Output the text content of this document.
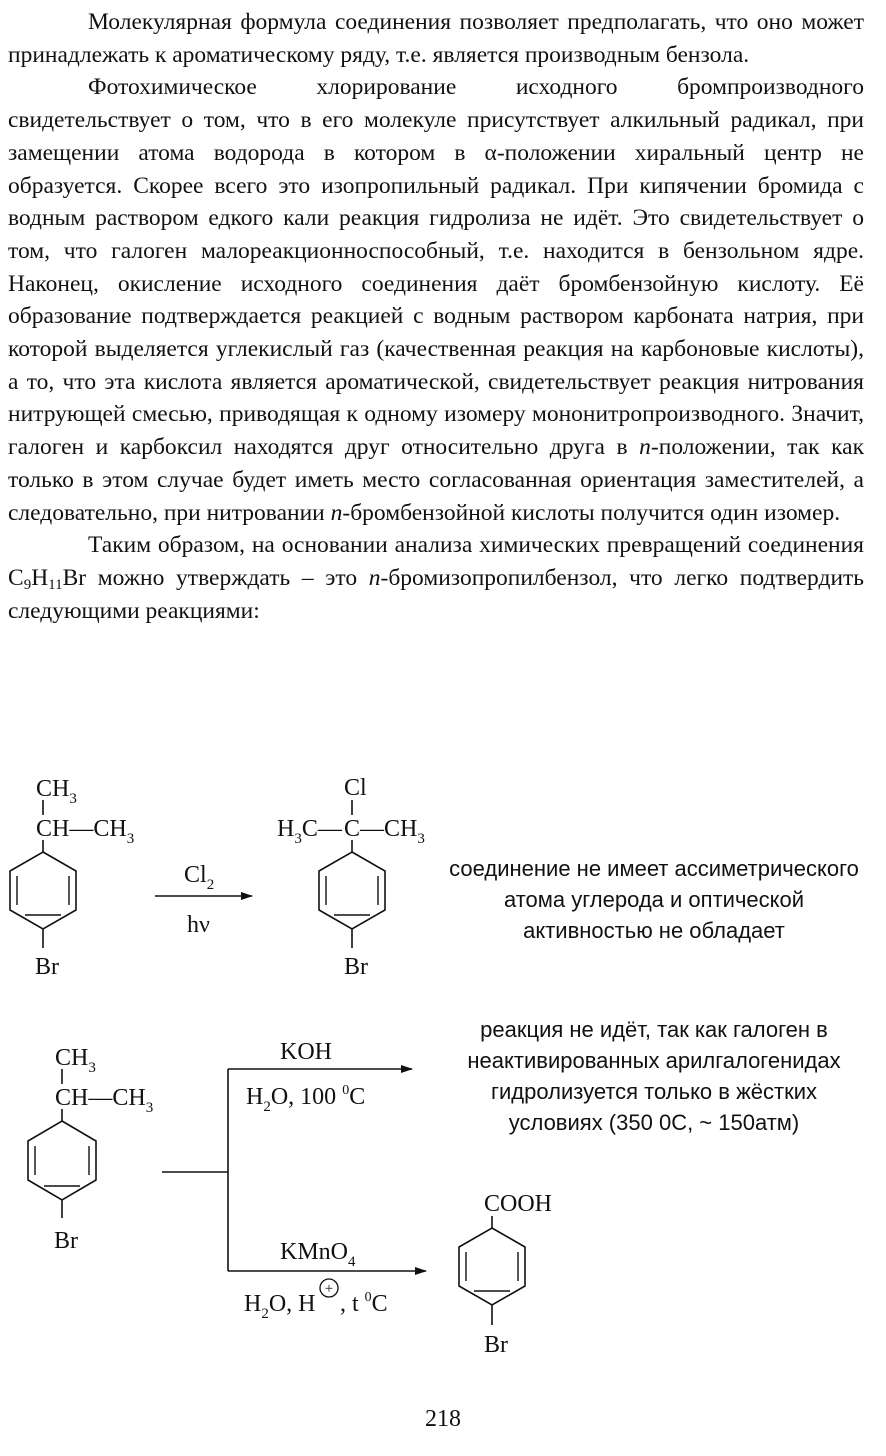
Молекулярная формула соединения позволяет предполагать, что оно может принадлежать к ароматическому ряду, т.е. является производным бензола.

Фотохимическое хлорирование исходного бромпроизводного свидетельствует о том, что в его молекуле присутствует алкильный радикал, при замещении атома водорода в котором в α-положении хиральный центр не образуется. Скорее всего это изопропильный радикал. При кипячении бромида с водным раствором едкого кали реакция гидролиза не идёт. Это свидетельствует о том, что галоген малореакционноспособный, т.е. находится в бензольном ядре. Наконец, окисление исходного соединения даёт бромбензойную кислоту. Её образование подтверждается реакцией с водным раствором карбоната натрия, при которой выделяется углекислый газ (качественная реакция на карбоновые кислоты), а то, что эта кислота является ароматической, свидетельствует реакция нитрования нитрующей смесью, приводящая к одному изомеру мононитропроизводного. Значит, галоген и карбоксил находятся друг относительно друга в n-положении, так как только в этом случае будет иметь место согласованная ориентация заместителей, а следовательно, при нитровании n-бромбензойной кислоты получится один изомер.

Таким образом, на основании анализа химических превращений соединения $C_9H_{11}Br$ можно утверждать – это n-бромизопропилбензол, что легко подтвердить следующими реакциями:

$CH_3$
$CH—CH_3$
Br
$Cl_2$
hν
Cl
$H_3C—$ C $—CH_3$
Br
$CH_3$
$CH—CH_3$
Br
KOH
$H_2O$, 100 $^0$C
KMnO$_4$
$H_2O$, H
+
, t $^0$C
COOH
Br
соединение не имеет ассиметрического атома углерода и оптической активностью не обладает
реакция не идёт, так как галоген в неактивированных арилгалогенидах гидролизуется только в жёстких условиях (350 0С, ~ 150атм)
218
